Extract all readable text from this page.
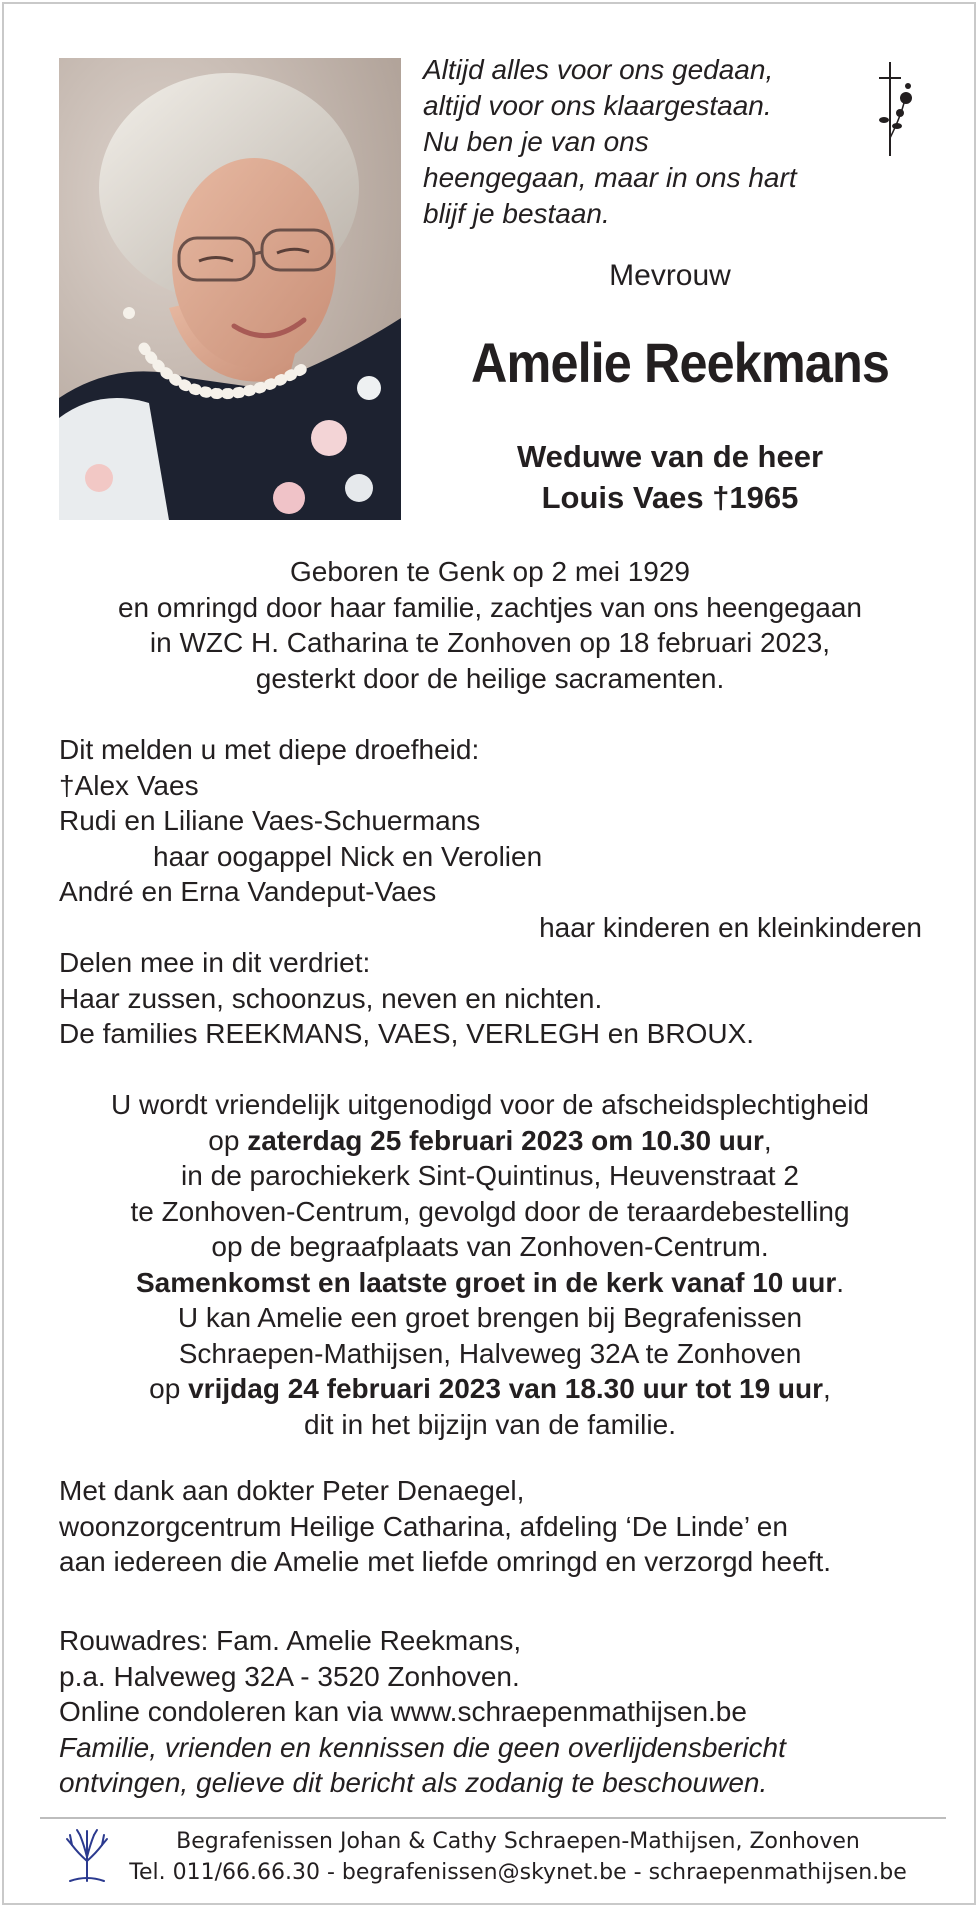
Altijd alles voor ons gedaan,
altijd voor ons klaargestaan.
Nu ben je van ons
heengegaan, maar in ons hart
blijf je bestaan.
Mevrouw
Amelie Reekmans
Weduwe van de heer
Louis Vaes †1965
Geboren te Genk op 2 mei 1929
en omringd door haar familie, zachtjes van ons heengegaan
in WZC H. Catharina te Zonhoven op 18 februari 2023,
gesterkt door de heilige sacramenten.
Dit melden u met diepe droefheid:
†Alex Vaes
Rudi en Liliane Vaes-Schuermans
haar oogappel Nick en Verolien
André en Erna Vandeput-Vaes
haar kinderen en kleinkinderen
Delen mee in dit verdriet:
Haar zussen, schoonzus, neven en nichten.
De families REEKMANS, VAES, VERLEGH en BROUX.
U wordt vriendelijk uitgenodigd voor de afscheidsplechtigheid
op zaterdag 25 februari 2023 om 10.30 uur,
in de parochiekerk Sint-Quintinus, Heuvenstraat 2
te Zonhoven-Centrum, gevolgd door de teraardebestelling
op de begraafplaats van Zonhoven-Centrum.
Samenkomst en laatste groet in de kerk vanaf 10 uur.
U kan Amelie een groet brengen bij Begrafenissen
Schraepen-Mathijsen, Halveweg 32A te Zonhoven
op vrijdag 24 februari 2023 van 18.30 uur tot 19 uur,
dit in het bijzijn van de familie.
Met dank aan dokter Peter Denaegel,
woonzorgcentrum Heilige Catharina, afdeling ‘De Linde’ en
aan iedereen die Amelie met liefde omringd en verzorgd heeft.
Rouwadres: Fam. Amelie Reekmans,
p.a. Halveweg 32A - 3520 Zonhoven.
Online condoleren kan via www.schraepenmathijsen.be
Familie, vrienden en kennissen die geen overlijdensbericht
ontvingen, gelieve dit bericht als zodanig te beschouwen.
Begrafenissen Johan & Cathy Schraepen-Mathijsen, Zonhoven
Tel. 011/66.66.30 - begrafenissen@skynet.be - schraepenmathijsen.be
